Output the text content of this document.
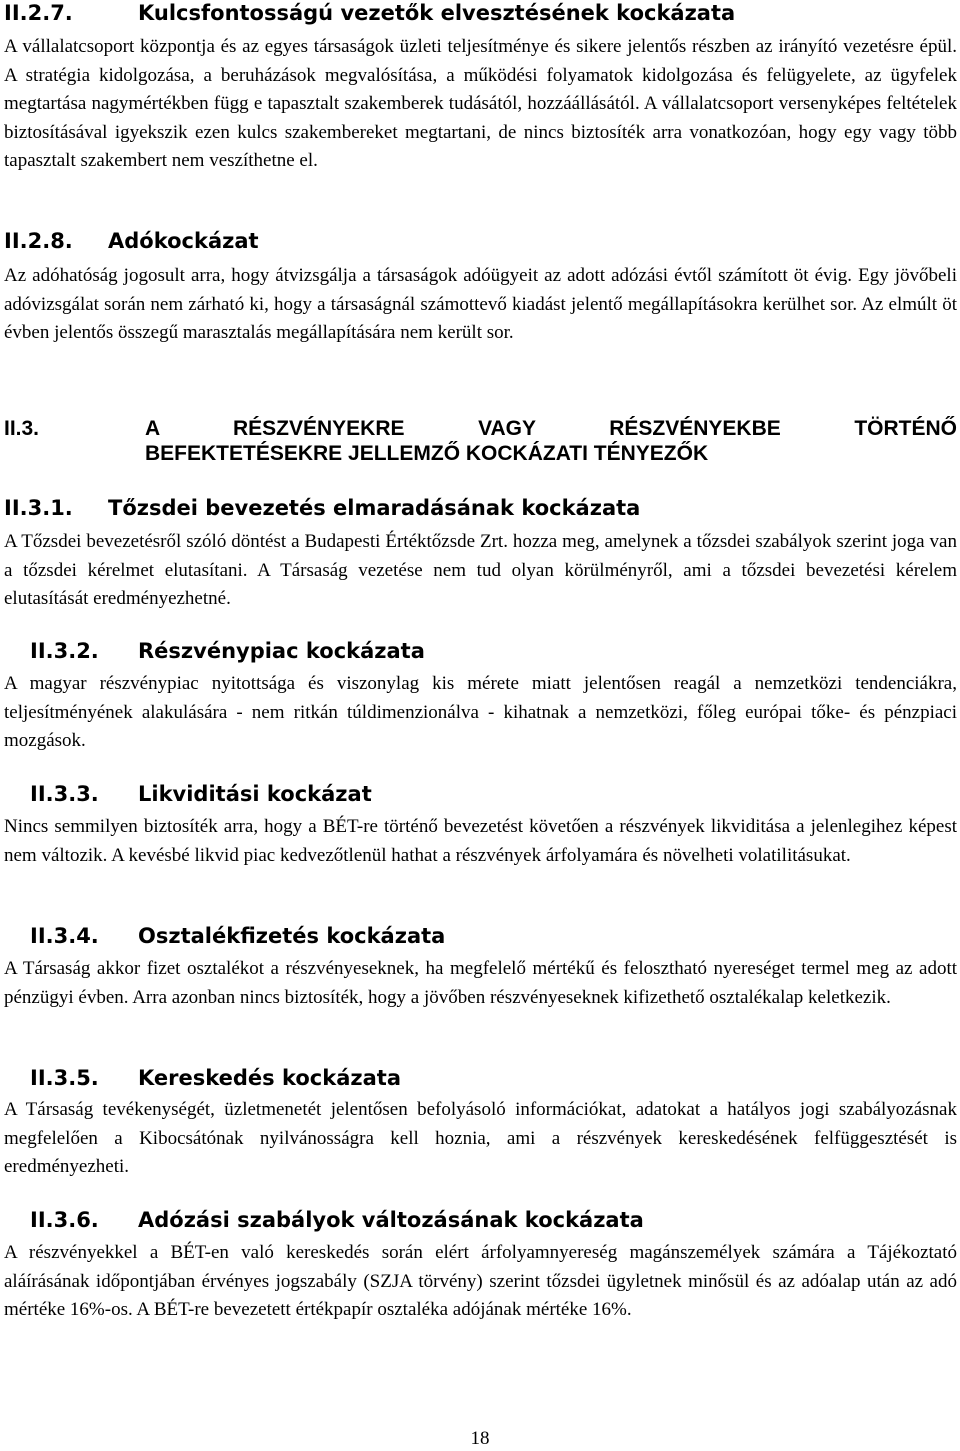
II.2.7.	Kulcsfontosságú vezetők elvesztésének kockázata
A vállalatcsoport központja és az egyes társaságok üzleti teljesítménye és sikere jelentős részben az irányító vezetésre épül. A stratégia kidolgozása, a beruházások megvalósítása, a működési folyamatok kidolgozása és felügyelete, az ügyfelek megtartása nagymértékben függ e tapasztalt szakemberek tudásától, hozzáállásától. A vállalatcsoport versenyképes feltételek biztosításával igyekszik ezen kulcs szakembereket megtartani, de nincs biztosíték arra vonatkozóan, hogy egy vagy több tapasztalt szakembert nem veszíthetne el.
II.2.8. Adókockázat
Az adóhatóság jogosult arra, hogy átvizsgálja a társaságok adóügyeit az adott adózási évtől számított öt évig. Egy jövőbeli adóvizsgálat során nem zárható ki, hogy a társaságnál számottevő kiadást jelentő megállapításokra kerülhet sor. Az elmúlt öt évben jelentős összegű marasztalás megállapítására nem került sor.
II.3.	A RÉSZVÉNYEKRE VAGY RÉSZVÉNYEKBE TÖRTÉNŐ
BEFEKTETÉSEKRE JELLEMZŐ KOCKÁZATI TÉNYEZŐK
II.3.1. Tőzsdei bevezetés elmaradásának kockázata
A Tőzsdei bevezetésről szóló döntést a Budapesti Értéktőzsde Zrt. hozza meg, amelynek a tőzsdei szabályok szerint joga van a tőzsdei kérelmet elutasítani. A Társaság vezetése nem tud olyan körülményről, ami a tőzsdei bevezetési kérelem elutasítását eredményezhetné.
II.3.2. Részvénypiac kockázata
A magyar részvénypiac nyitottsága és viszonylag kis mérete miatt jelentősen reagál a nemzetközi tendenciákra, teljesítményének alakulására - nem ritkán túldimenzionálva - kihatnak a nemzetközi, főleg európai tőke- és pénzpiaci mozgások.
II.3.3. Likviditási kockázat
Nincs semmilyen biztosíték arra, hogy a BÉT-re történő bevezetést követően a részvények likviditása a jelenlegihez képest nem változik. A kevésbé likvid piac kedvezőtlenül hathat a részvények árfolyamára és növelheti volatilitásukat.
II.3.4. Osztalékfizetés kockázata
A Társaság akkor fizet osztalékot a részvényeseknek, ha megfelelő mértékű és felosztható nyereséget termel meg az adott pénzügyi évben. Arra azonban nincs biztosíték, hogy a jövőben részvényeseknek kifizethető osztalékalap keletkezik.
II.3.5. Kereskedés kockázata
A Társaság tevékenységét, üzletmenetét jelentősen befolyásoló információkat, adatokat a hatályos jogi szabályozásnak megfelelően a Kibocsátónak nyilvánosságra kell hoznia, ami a részvények kereskedésének felfüggesztését is eredményezheti.
II.3.6. Adózási szabályok változásának kockázata
A részvényekkel a BÉT-en való kereskedés során elért árfolyamnyereség magánszemélyek számára a Tájékoztató aláírásának időpontjában érvényes jogszabály (SZJA törvény) szerint tőzsdei ügyletnek minősül és az adóalap után az adó mértéke 16%-os. A BÉT-re bevezetett értékpapír osztaléka adójának mértéke 16%.
18
